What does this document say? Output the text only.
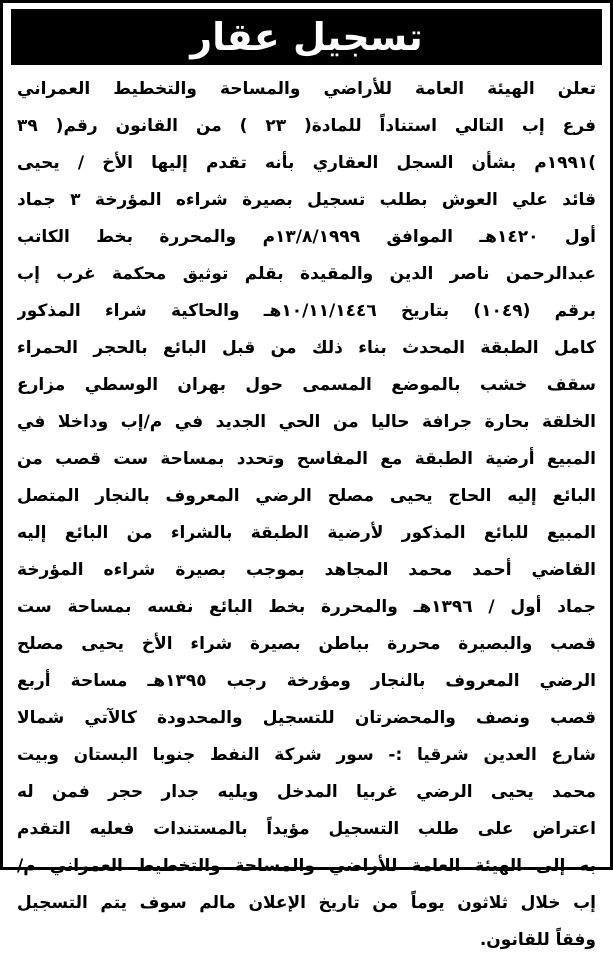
تسجيل عقار
تعلن الهيئة العامة للأراضي والمساحة والتخطيط العمراني
فرع إب التالي استناداً للمادة( ٢٣ ) من القانون رقم( ٣٩
)١٩٩١م بشأن السجل العقاري بأنه تقدم إليها الأخ / يحيى
قائد علي العوش بطلب تسجيل بصيرة شراءه المؤرخة ٣ جماد
أول ١٤٢٠هـ الموافق ١٣/٨/١٩٩٩م والمحررة بخط الكاتب
عبدالرحمن ناصر الدين والمقيدة بقلم توثيق محكمة غرب إب
برقم (١٠٤٩) بتاريخ ١٠/١١/١٤٤٦هـ والحاكية شراء المذكور
كامل الطبقة المحدث بناء ذلك من قبل البائع بالحجر الحمراء
سقف خشب بالموضع المسمى حول بهران الوسطي مزارع
الخلقة بحارة جرافة حاليا من الحي الجديد في م/إب وداخلا في
المبيع أرضية الطبقة مع المفاسح وتحدد بمساحة ست قصب من
البائع إليه الحاج يحيى مصلح الرضي المعروف بالنجار المتصل
المبيع للبائع المذكور لأرضية الطبقة بالشراء من البائع إليه
القاضي أحمد محمد المجاهد بموجب بصيرة شراءه المؤرخة
جماد أول / ١٣٩٦هـ والمحررة بخط البائع نفسه بمساحة ست
قصب والبصيرة محررة بباطن بصيرة شراء الأخ يحيى مصلح
الرضي المعروف بالنجار ومؤرخة رجب ١٣٩٥هـ مساحة أربع
قصب ونصف والمحضرتان للتسجيل والمحدودة كالآتي شمالا
شارع العدين شرقيا :- سور شركة النفط جنوبا البستان وبيت
محمد يحيى الرضي غربيا المدخل ويليه جدار حجر فمن له
اعتراض على طلب التسجيل مؤيداً بالمستندات فعليه التقدم
به إلى الهيئة العامة للأراضي والمساحة والتخطيط العمراني م/
إب خلال ثلاثون يوماً من تاريخ الإعلان مالم سوف يتم التسجيل
وفقاً للقانون.
